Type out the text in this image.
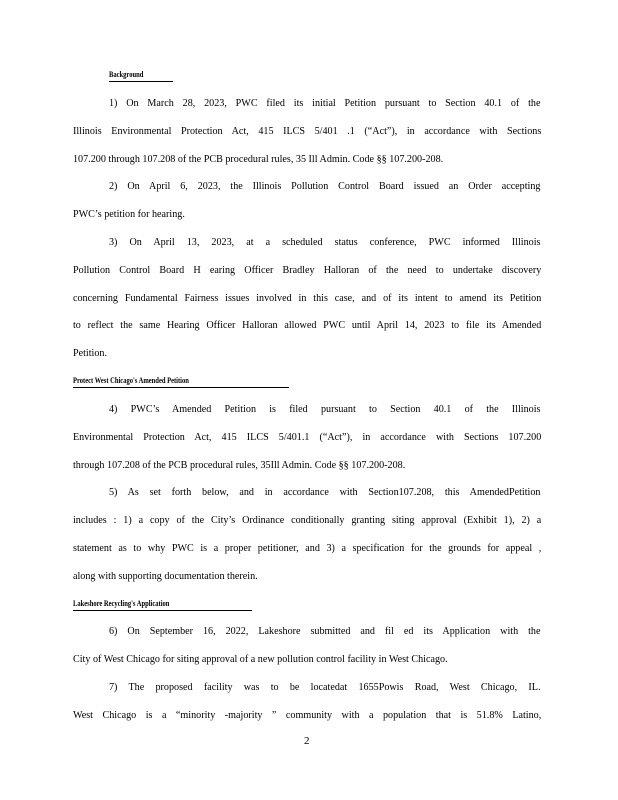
Background

1) On March 28, 2023, PWC filed its initial Petition pursuant to Section 40.1 of the

Illinois Environmental Protection Act, 415 ILCS 5/401 .1 (“Act”), in accordance with Sections

107.200 through 107.208 of the PCB procedural rules, 35 Ill Admin. Code §§ 107.200-208.

2) On April 6, 2023, the Illinois Pollution Control Board issued an Order accepting

PWC’s petition for hearing.

3) On April 13, 2023, at a scheduled status conference, PWC informed Illinois

Pollution Control Board H earing Officer Bradley Halloran of the need to undertake discovery

concerning Fundamental Fairness issues involved in this case, and of its intent to amend its Petition

to reflect the same Hearing Officer Halloran allowed PWC until April 14, 2023 to file its Amended

Petition.

Protect West Chicago's Amended Petition

4) PWC’s Amended Petition is filed pursuant to Section 40.1 of the Illinois

Environmental Protection Act, 415 ILCS 5/401.1 (“Act”), in accordance with Sections 107.200

through 107.208 of the PCB procedural rules, 35Ill Admin. Code §§ 107.200-208.

5) As set forth below, and in accordance with Section107.208, this AmendedPetition

includes : 1) a copy of the City’s Ordinance conditionally granting siting approval (Exhibit 1), 2) a

statement as to why PWC is a proper petitioner, and 3) a specification for the grounds for appeal ,

along with supporting documentation therein.

Lakeshore Recycling's Application

6) On September 16, 2022, Lakeshore submitted and fil ed its Application with the

City of West Chicago for siting approval of a new pollution control facility in West Chicago.

7) The proposed facility was to be locatedat 1655Powis Road, West Chicago, IL.

West Chicago is a “minority -majority ” community with a population that is 51.8% Latino,

2
